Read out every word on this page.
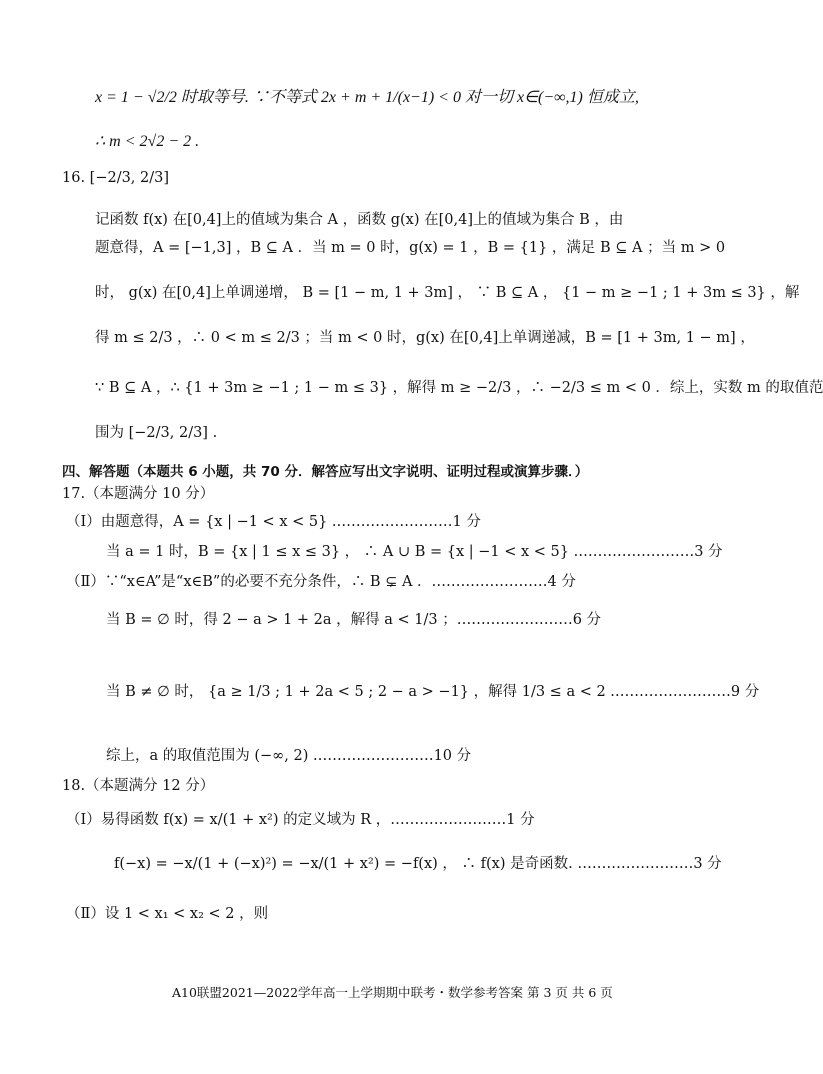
x = 1 − √2/2 时取等号. ∵不等式 2x + m + 1/(x−1) < 0 对一切 x∈(−∞,1) 恒成立,
∴ m < 2√2 − 2 .
16. [−2/3, 2/3]
记函数 f(x) 在[0,4]上的值域为集合 A ，函数 g(x) 在[0,4]上的值域为集合 B ，由
题意得，A = [−1,3] ，B ⊆ A ．当 m = 0 时，g(x) = 1 ，B = {1} ，满足 B ⊆ A ；当 m > 0
时， g(x) 在[0,4]上单调递增， B = [1 − m, 1 + 3m] ， ∵ B ⊆ A ， {1 − m ≥ −1 ; 1 + 3m ≤ 3} ，解
得 m ≤ 2/3 ，∴ 0 < m ≤ 2/3 ；当 m < 0 时，g(x) 在[0,4]上单调递减，B = [1 + 3m, 1 − m] ，
∵ B ⊆ A ，∴ {1 + 3m ≥ −1 ; 1 − m ≤ 3} ，解得 m ≥ −2/3 ，∴ −2/3 ≤ m < 0 ．综上，实数 m 的取值范
围为 [−2/3, 2/3] .
四、解答题（本题共 6 小题，共 70 分．解答应写出文字说明、证明过程或演算步骤．）
17.（本题满分 10 分）
（Ⅰ）由题意得，A = {x | −1 < x < 5} .……………………1 分
当 a = 1 时，B = {x | 1 ≤ x ≤ 3} ， ∴ A ∪ B = {x | −1 < x < 5} .……………………3 分
（Ⅱ）∵“x∈A”是“x∈B”的必要不充分条件，∴ B ⊊ A ．……………………4 分
当 B = ∅ 时，得 2 − a > 1 + 2a ，解得 a < 1/3 ；……………………6 分
当 B ≠ ∅ 时， {a ≥ 1/3 ; 1 + 2a < 5 ; 2 − a > −1} ，解得 1/3 ≤ a < 2 .……………………9 分
综上，a 的取值范围为 (−∞, 2) .……………………10 分
18.（本题满分 12 分）
（Ⅰ）易得函数 f(x) = x/(1 + x²) 的定义域为 R ，……………………1 分
f(−x) = −x/(1 + (−x)²) = −x/(1 + x²) = −f(x) ， ∴ f(x) 是奇函数. ……………………3 分
（Ⅱ）设 1 < x₁ < x₂ < 2 ，则
A10联盟2021—2022学年高一上学期期中联考・数学参考答案 第 3 页 共 6 页
